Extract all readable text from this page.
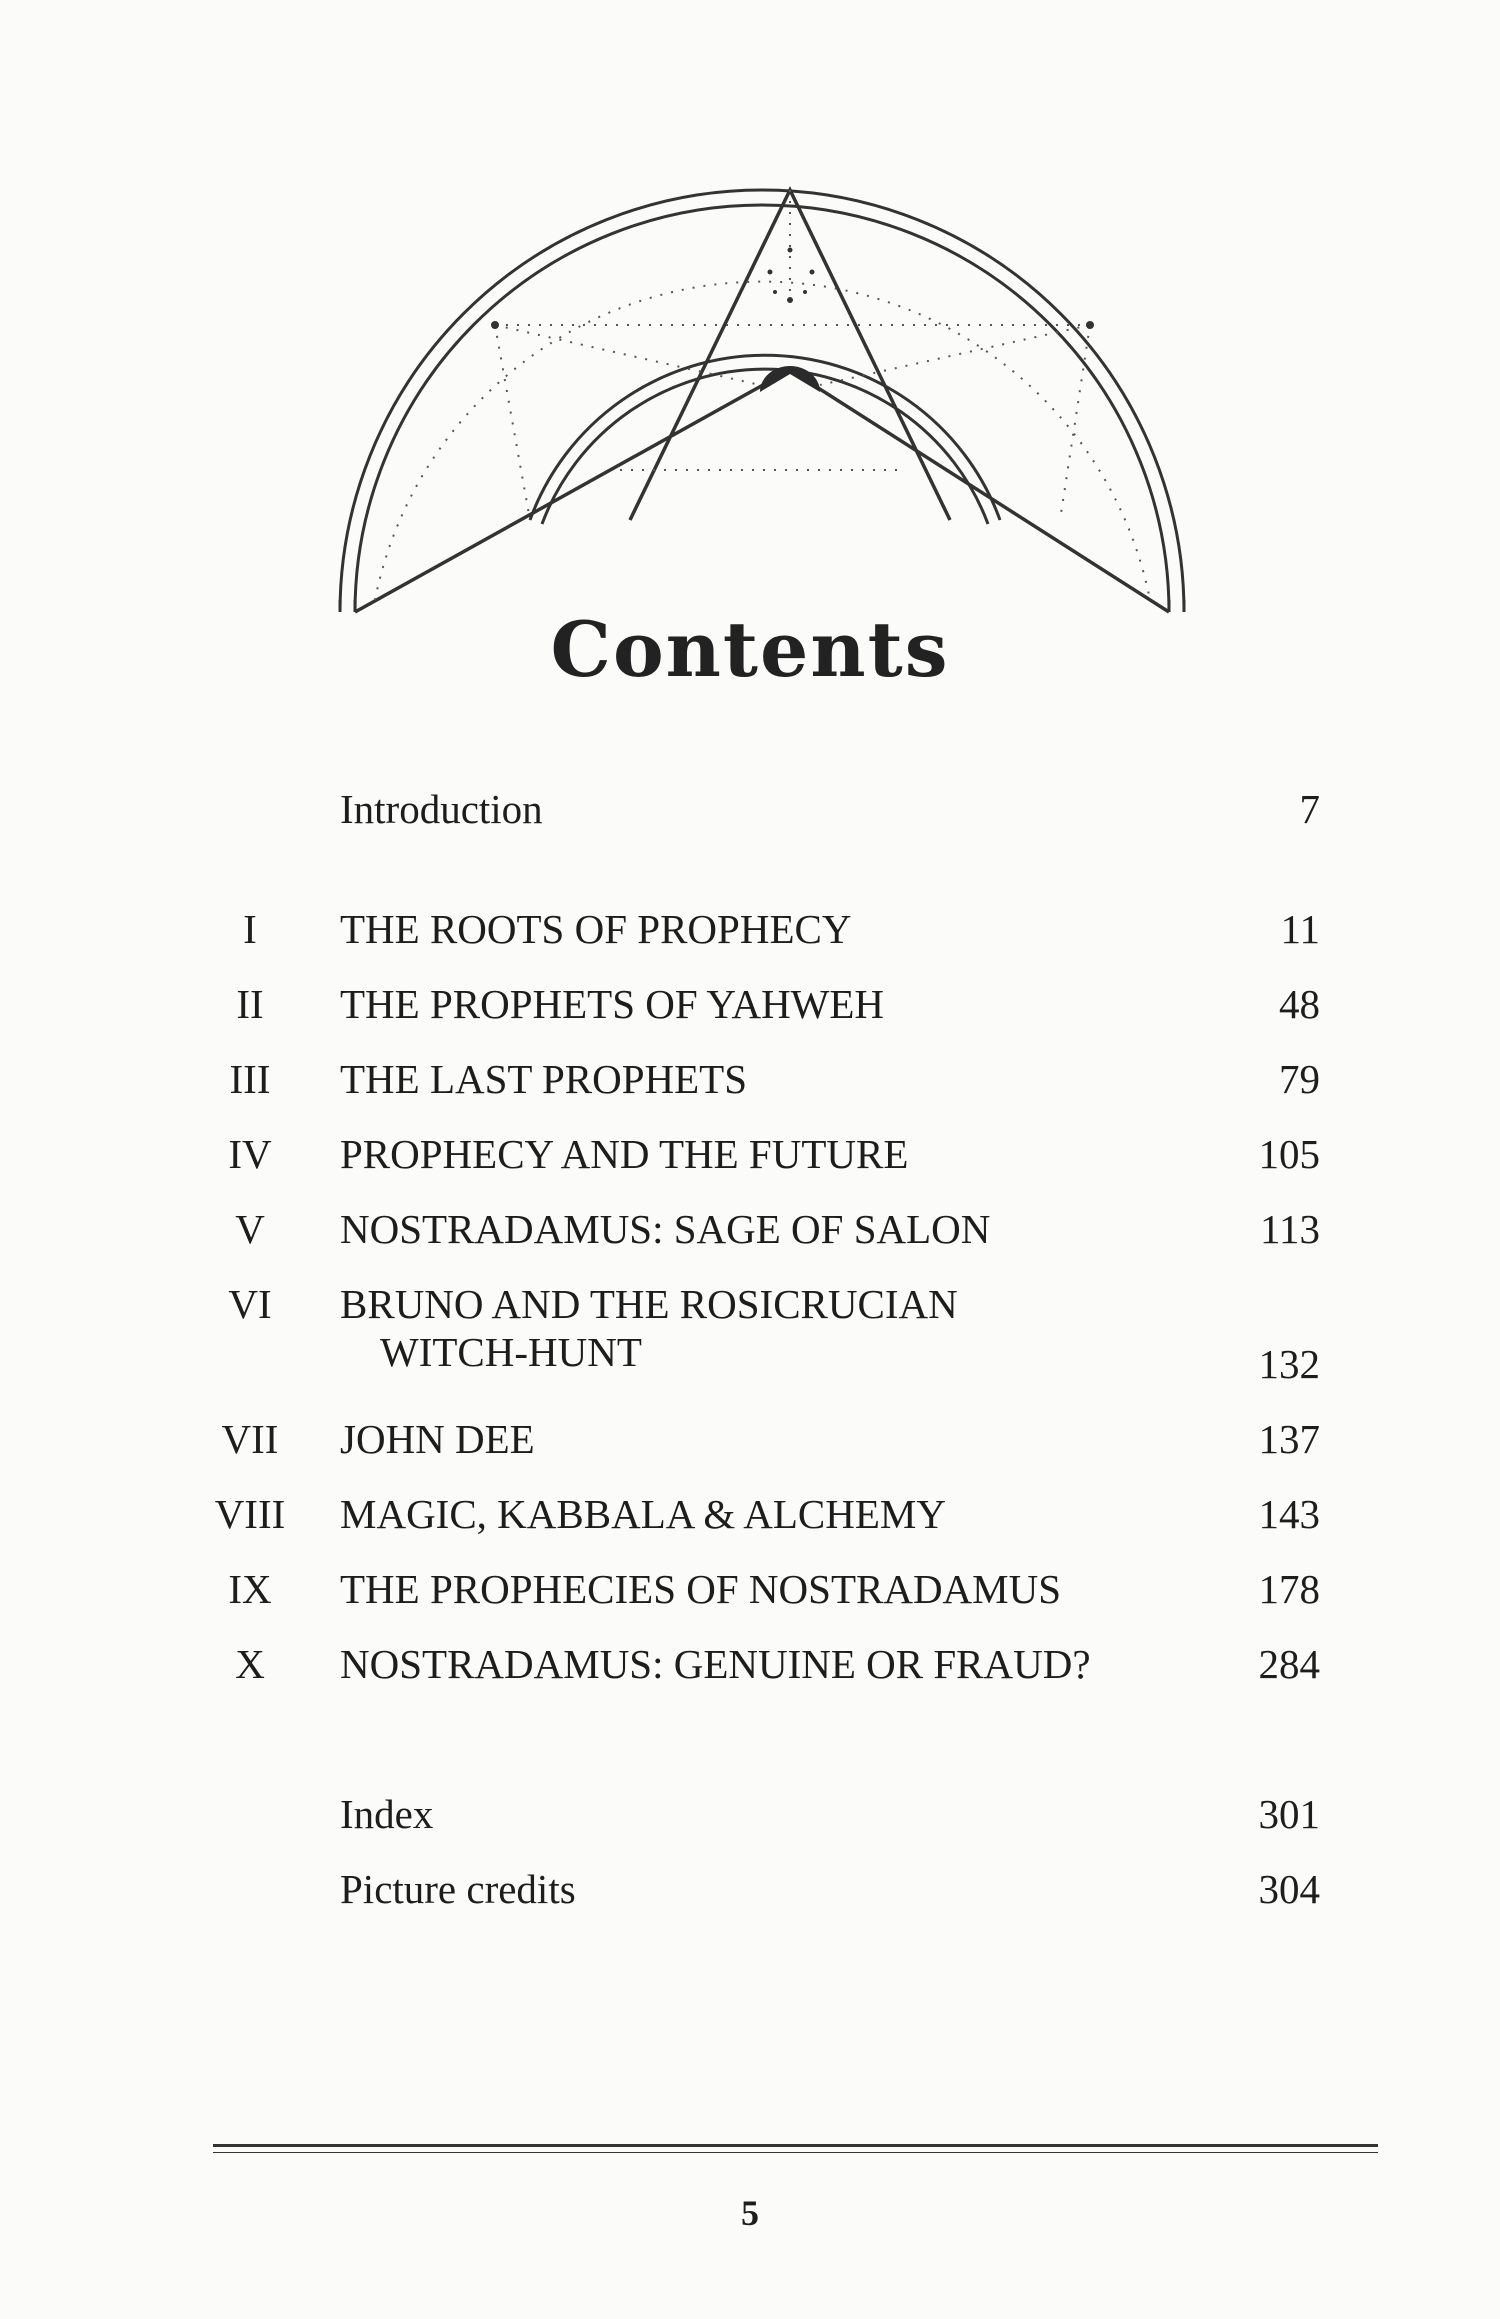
Contents
Introduction	7
I	THE ROOTS OF PROPHECY	11
II	THE PROPHETS OF YAHWEH	48
III	THE LAST PROPHETS	79
IV	PROPHECY AND THE FUTURE	105
V	NOSTRADAMUS: SAGE OF SALON	113
VI	BRUNO AND THE ROSICRUCIAN
WITCH-HUNT	132
VII	JOHN DEE	137
VIII	MAGIC, KABBALA & ALCHEMY	143
IX	THE PROPHECIES OF NOSTRADAMUS	178
X	NOSTRADAMUS: GENUINE OR FRAUD?	284
Index	301
Picture credits	304
5
